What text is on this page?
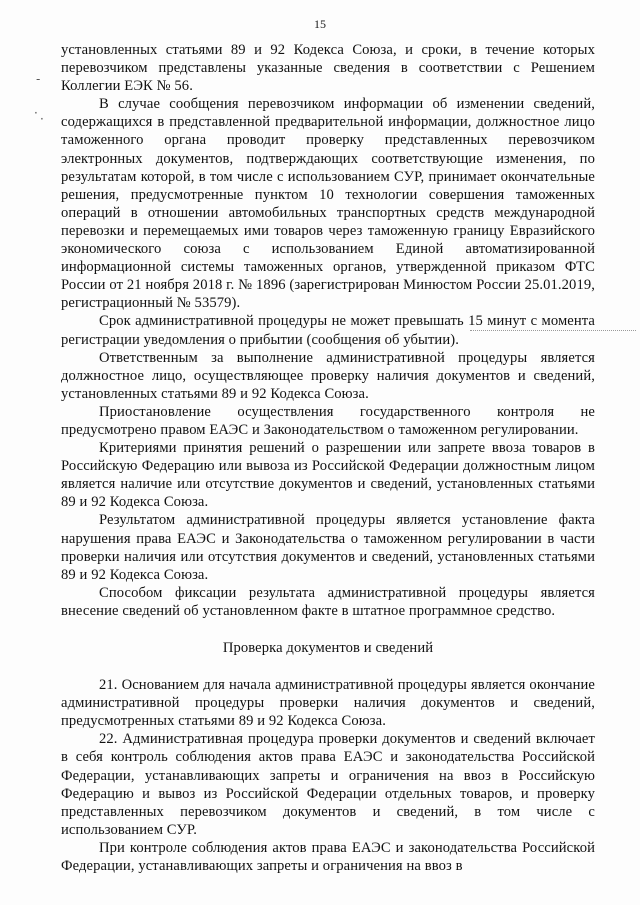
15
-
· ·

установленных статьями 89 и 92 Кодекса Союза, и сроки, в течение которых перевозчиком представлены указанные сведения в соответствии с Решением Коллегии ЕЭК № 56.

В случае сообщения перевозчиком информации об изменении сведений, содержащихся в представленной предварительной информации, должностное лицо таможенного органа проводит проверку представленных перевозчиком электронных документов, подтверждающих соответствующие изменения, по результатам которой, в том числе с использованием СУР, принимает окончательные решения, предусмотренные пунктом 10 технологии совершения таможенных операций в отношении автомобильных транспортных средств международной перевозки и перемещаемых ими товаров через таможенную границу Евразийского экономического союза с использованием Единой автоматизированной информационной системы таможенных органов, утвержденной приказом ФТС России от 21 ноября 2018 г. № 1896 (зарегистрирован Минюстом России 25.01.2019, регистрационный № 53579).

Срок административной процедуры не может превышать 15 минут с момента регистрации уведомления о прибытии (сообщения об убытии).

Ответственным за выполнение административной процедуры является должностное лицо, осуществляющее проверку наличия документов и сведений, установленных статьями 89 и 92 Кодекса Союза.

Приостановление осуществления государственного контроля не предусмотрено правом ЕАЭС и Законодательством о таможенном регулировании.

Критериями принятия решений о разрешении или запрете ввоза товаров в Российскую Федерацию или вывоза из Российской Федерации должностным лицом является наличие или отсутствие документов и сведений, установленных статьями 89 и 92 Кодекса Союза.

Результатом административной процедуры является установление факта нарушения права ЕАЭС и Законодательства о таможенном регулировании в части проверки наличия или отсутствия документов и сведений, установленных статьями 89 и 92 Кодекса Союза.

Способом фиксации результата административной процедуры является внесение сведений об установленном факте в штатное программное средство.

Проверка документов и сведений

21. Основанием для начала административной процедуры является окончание административной процедуры проверки наличия документов и сведений, предусмотренных статьями 89 и 92 Кодекса Союза.

22. Административная процедура проверки документов и сведений включает в себя контроль соблюдения актов права ЕАЭС и законодательства Российской Федерации, устанавливающих запреты и ограничения на ввоз в Российскую Федерацию и вывоз из Российской Федерации отдельных товаров, и проверку представленных перевозчиком документов и сведений, в том числе с использованием СУР.

При контроле соблюдения актов права ЕАЭС и законодательства Российской Федерации, устанавливающих запреты и ограничения на ввоз в
